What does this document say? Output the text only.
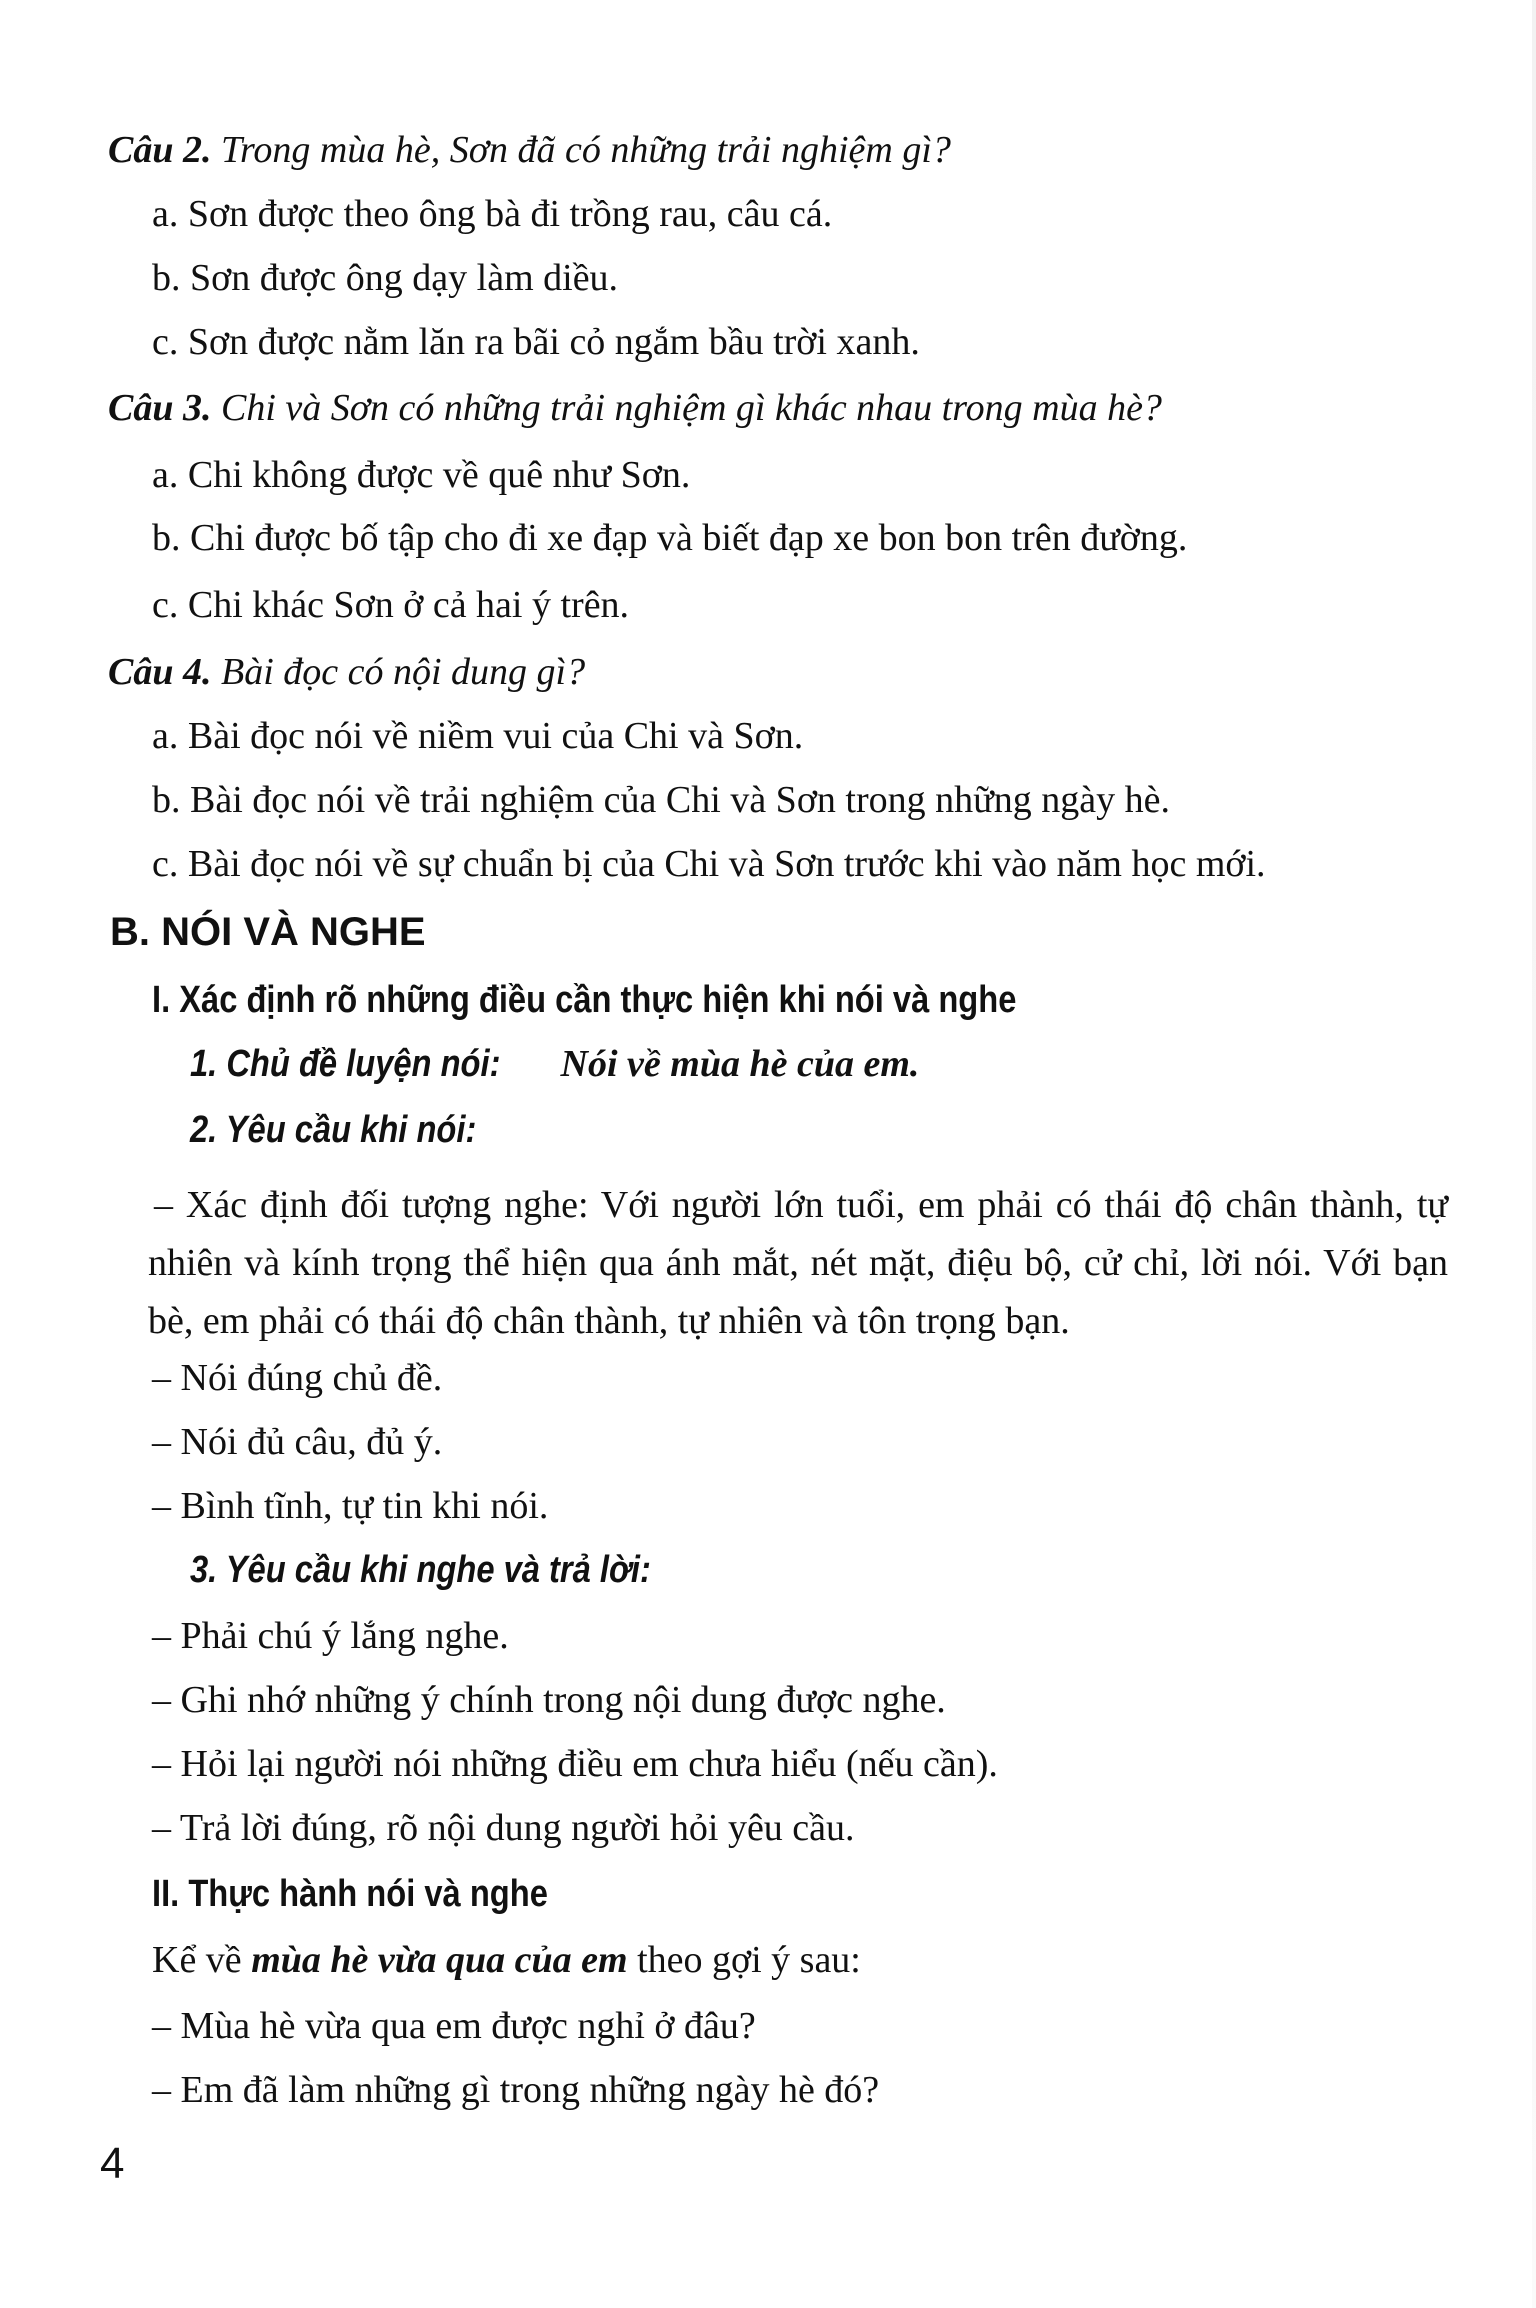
Câu 2. Trong mùa hè, Sơn đã có những trải nghiệm gì?
a. Sơn được theo ông bà đi trồng rau, câu cá.
b. Sơn được ông dạy làm diều.
c. Sơn được nằm lăn ra bãi cỏ ngắm bầu trời xanh.
Câu 3. Chi và Sơn có những trải nghiệm gì khác nhau trong mùa hè?
a. Chi không được về quê như Sơn.
b. Chi được bố tập cho đi xe đạp và biết đạp xe bon bon trên đường.
c. Chi khác Sơn ở cả hai ý trên.
Câu 4. Bài đọc có nội dung gì?
a. Bài đọc nói về niềm vui của Chi và Sơn.
b. Bài đọc nói về trải nghiệm của Chi và Sơn trong những ngày hè.
c. Bài đọc nói về sự chuẩn bị của Chi và Sơn trước khi vào năm học mới.
B. NÓI VÀ NGHE
I. Xác định rõ những điều cần thực hiện khi nói và nghe
1. Chủ đề luyện nói: Nói về mùa hè của em.
2. Yêu cầu khi nói:
– Xác định đối tượng nghe: Với người lớn tuổi, em phải có thái độ chân thành, tự nhiên và kính trọng thể hiện qua ánh mắt, nét mặt, điệu bộ, cử chỉ, lời nói. Với bạn bè, em phải có thái độ chân thành, tự nhiên và tôn trọng bạn.
– Nói đúng chủ đề.
– Nói đủ câu, đủ ý.
– Bình tĩnh, tự tin khi nói.
3. Yêu cầu khi nghe và trả lời:
– Phải chú ý lắng nghe.
– Ghi nhớ những ý chính trong nội dung được nghe.
– Hỏi lại người nói những điều em chưa hiểu (nếu cần).
– Trả lời đúng, rõ nội dung người hỏi yêu cầu.
II. Thực hành nói và nghe
Kể về mùa hè vừa qua của em theo gợi ý sau:
– Mùa hè vừa qua em được nghỉ ở đâu?
– Em đã làm những gì trong những ngày hè đó?
4
